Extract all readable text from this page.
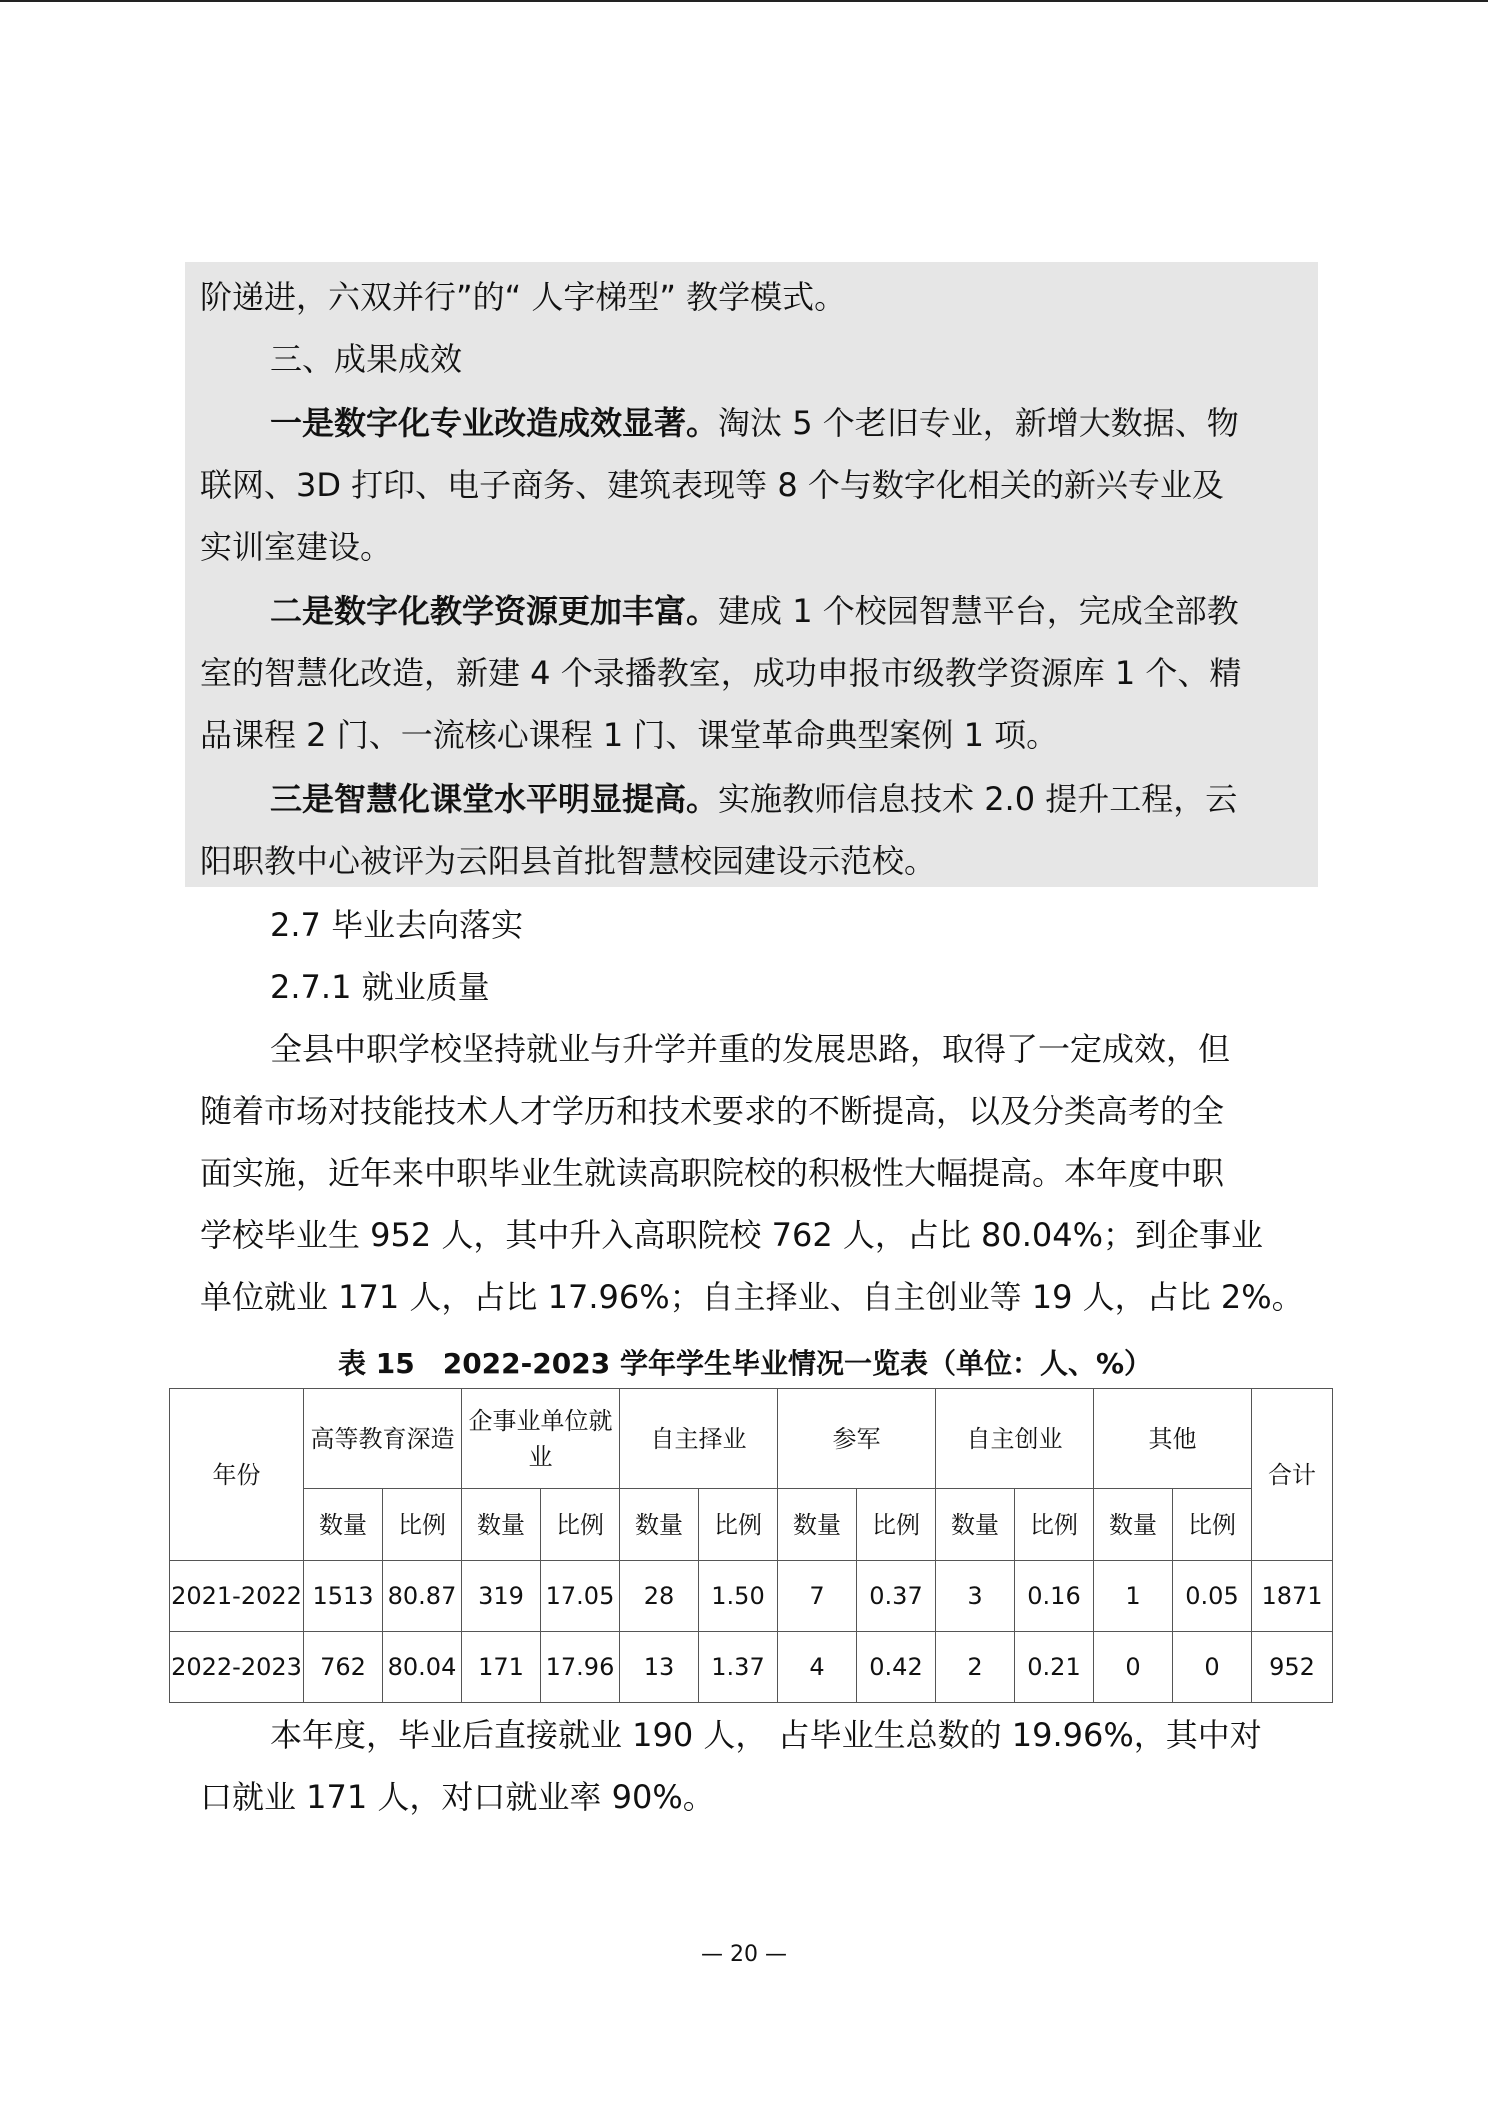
阶递进，六双并行”的“ 人字梯型” 教学模式。

三、成果成效

一是数字化专业改造成效显著。淘汰 5 个老旧专业，新增大数据、物

联网、3D 打印、电子商务、建筑表现等 8 个与数字化相关的新兴专业及

实训室建设。

二是数字化教学资源更加丰富。建成 1 个校园智慧平台，完成全部教

室的智慧化改造，新建 4 个录播教室，成功申报市级教学资源库 1 个、精

品课程 2 门、一流核心课程 1 门、课堂革命典型案例 1 项。

三是智慧化课堂水平明显提高。实施教师信息技术 2.0 提升工程，云

阳职教中心被评为云阳县首批智慧校园建设示范校。

2.7 毕业去向落实

2.7.1 就业质量

全县中职学校坚持就业与升学并重的发展思路，取得了一定成效，但

随着市场对技能技术人才学历和技术要求的不断提高，以及分类高考的全

面实施，近年来中职毕业生就读高职院校的积极性大幅提高。本年度中职

学校毕业生 952 人，其中升入高职院校 762 人，占比 80.04%；到企事业

单位就业 171 人，占比 17.96%；自主择业、自主创业等 19 人，占比 2%。

表 15　2022-2023 学年学生毕业情况一览表（单位：人、%）
年份	高等教育深造		企事业单位就业		自主择业		参军		自主创业		其他		合计
	数量	比例	数量	比例	数量	比例	数量	比例	数量	比例	数量	比例	
2021-2022	1513	80.87	319	17.05	28	1.50	7	0.37	3	0.16	1	0.05	1871
2022-2023	762	80.04	171	17.96	13	1.37	4	0.42	2	0.21	0	0	952

本年度，毕业后直接就业 190 人， 占毕业生总数的 19.96%，其中对

口就业 171 人，对口就业率 90%。

— 20 —
